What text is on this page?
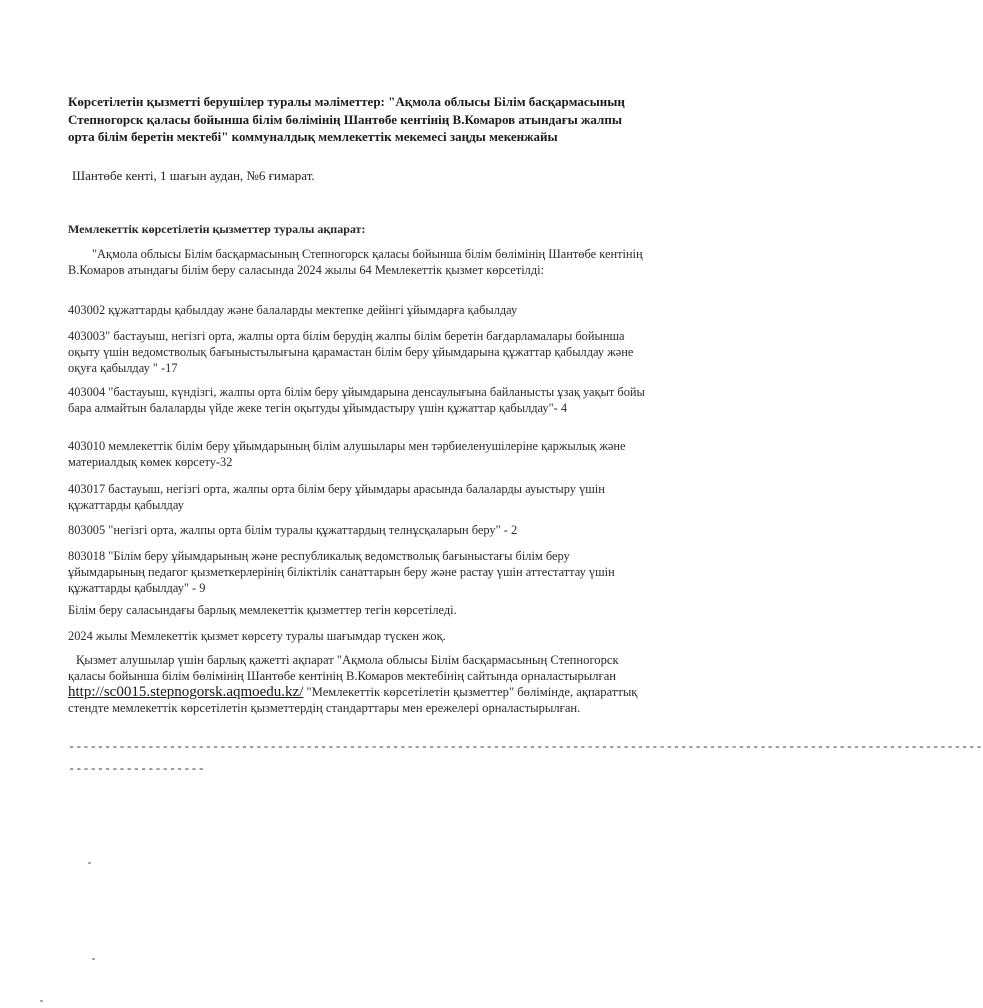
Көрсетілетін қызметті берушілер туралы мәліметтер: "Ақмола облысы Білім басқармасының Степногорск қаласы бойынша білім бөлімінің Шантөбе кентінің В.Комаров атындағы жалпы орта білім беретін мектебі" коммуналдық мемлекеттік мекемесі заңды мекенжайы
Шантөбе кенті, 1 шағын аудан, №6 ғимарат.
Мемлекеттік көрсетілетін қызметтер туралы ақпарат:
"Ақмола облысы Білім басқармасының Степногорск қаласы бойынша білім бөлімінің Шантөбе кентінің В.Комаров атындағы білім беру саласында 2024 жылы 64 Мемлекеттік қызмет көрсетілді:
403002 құжаттарды қабылдау және балаларды мектепке дейінгі ұйымдарға қабылдау
403003" бастауыш, негізгі орта, жалпы орта білім берудің жалпы білім беретін бағдарламалары бойынша оқыту үшін ведомстволық бағыныстылығына қарамастан білім беру ұйымдарына құжаттар қабылдау және оқуға қабылдау " -17
403004 "бастауыш, күндізгі, жалпы орта білім беру ұйымдарына денсаулығына байланысты ұзақ уақыт бойы бара алмайтын балаларды үйде жеке тегін оқытуды ұйымдастыру үшін құжаттар қабылдау"- 4
403010 мемлекеттік білім беру ұйымдарының білім алушылары мен тәрбиеленушілеріне қаржылық және материалдық көмек көрсету-32
403017 бастауыш, негізгі орта, жалпы орта білім беру ұйымдары арасында балаларды ауыстыру үшін құжаттарды қабылдау
803005 "негізгі орта, жалпы орта білім туралы құжаттардың телнұсқаларын беру" - 2
803018 "Білім беру ұйымдарының және республикалық ведомстволық бағыныстағы білім беру ұйымдарының педагог қызметкерлерінің біліктілік санаттарын беру және растау үшін аттестаттау үшін құжаттарды қабылдау" - 9
Білім беру саласындағы барлық мемлекеттік қызметтер тегін көрсетіледі.
2024 жылы Мемлекеттік қызмет көрсету туралы шағымдар түскен жоқ.
Қызмет алушылар үшін барлық қажетті ақпарат "Ақмола облысы Білім басқармасының Степногорск қаласы бойынша білім бөлімінің Шантөбе кентінің В.Комаров мектебінің сайтында орналастырылған http://sc0015.stepnogorsk.aqmoedu.kz/ "Мемлекеттік көрсетілетін қызметтер" бөлімінде, ақпараттық стендте мемлекеттік көрсетілетін қызметтердің стандарттары мен ережелері орналастырылған.
-------------------------------------------------------------------------------------------------------------------------------
-------------------
